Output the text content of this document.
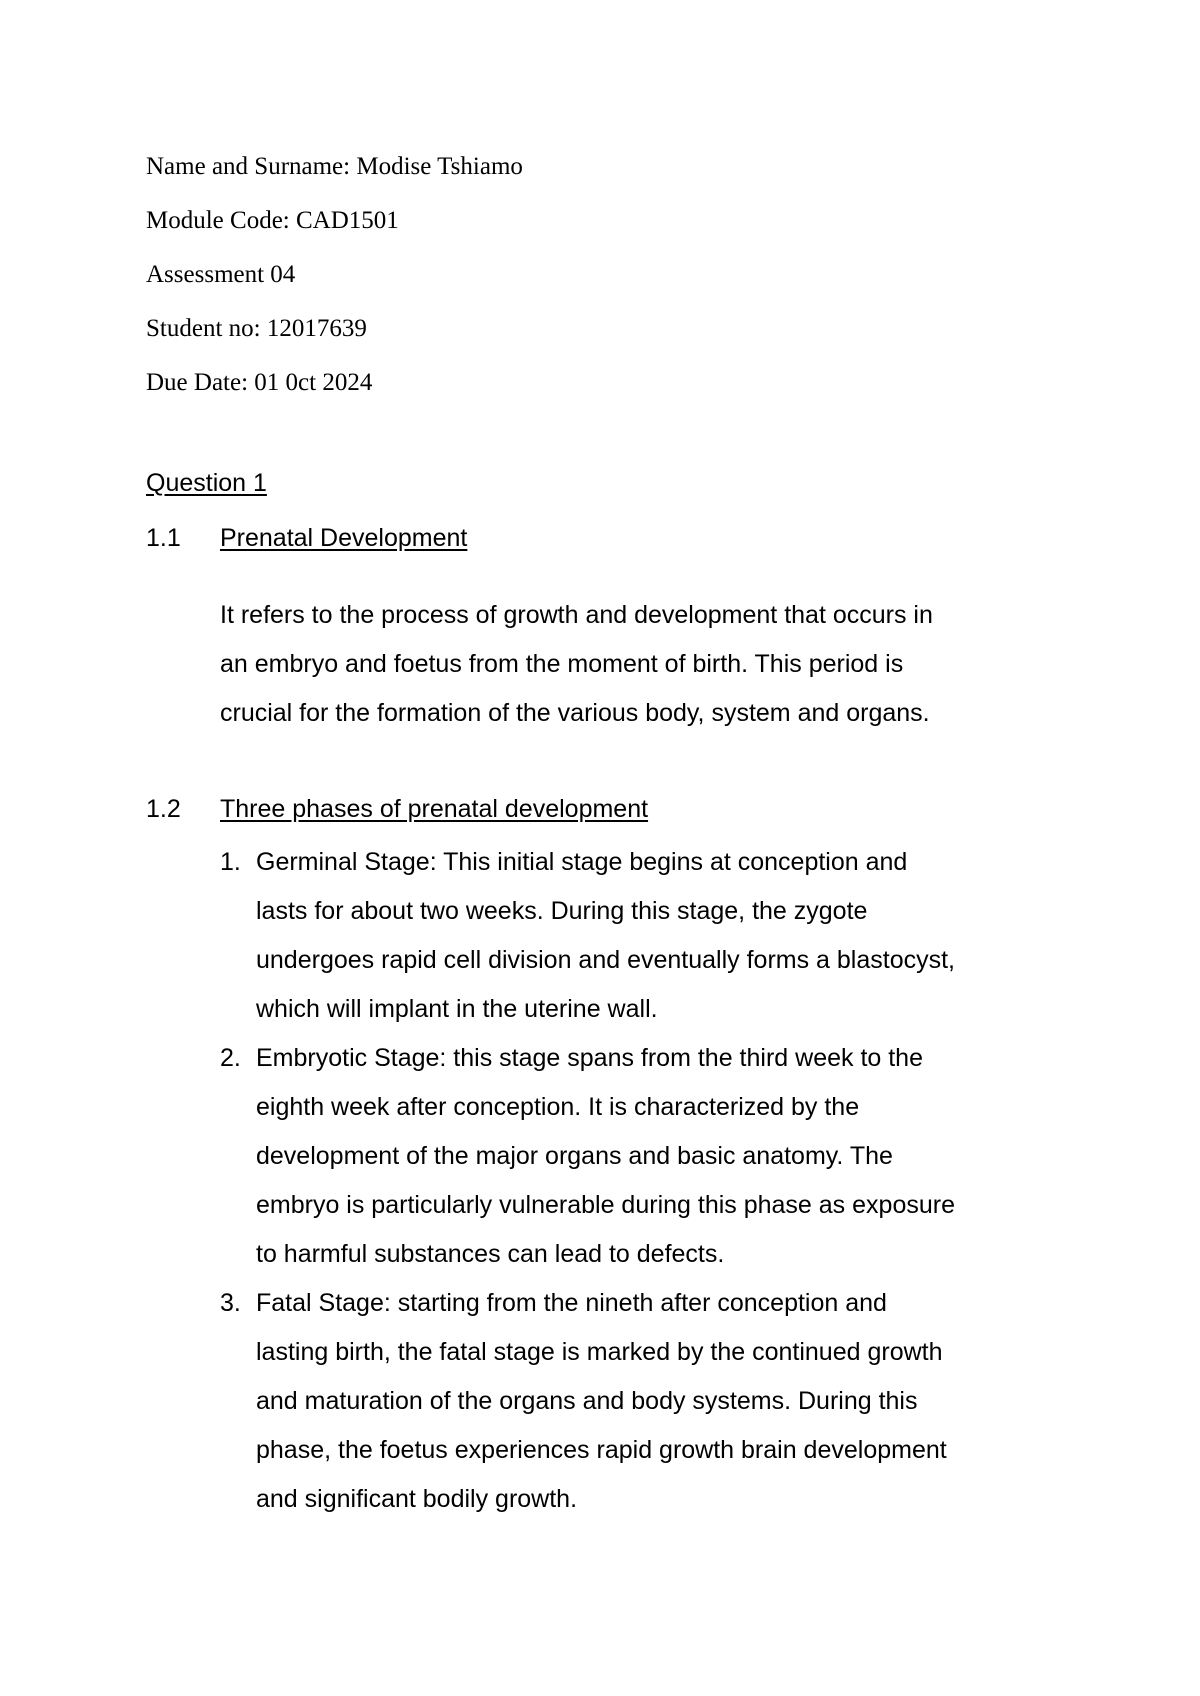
Name and Surname: Modise Tshiamo
Module Code: CAD1501
Assessment 04
Student no: 12017639
Due Date: 01 0ct 2024
Question 1
1.1 Prenatal Development
It refers to the process of growth and development that occurs in
an embryo and foetus from the moment of birth. This period is
crucial for the formation of the various body, system and organs.
1.2 Three phases of prenatal development
1. Germinal Stage: This initial stage begins at conception and
lasts for about two weeks. During this stage, the zygote
undergoes rapid cell division and eventually forms a blastocyst,
which will implant in the uterine wall.
2. Embryotic Stage: this stage spans from the third week to the
eighth week after conception. It is characterized by the
development of the major organs and basic anatomy. The
embryo is particularly vulnerable during this phase as exposure
to harmful substances can lead to defects.
3. Fatal Stage: starting from the nineth after conception and
lasting birth, the fatal stage is marked by the continued growth
and maturation of the organs and body systems. During this
phase, the foetus experiences rapid growth brain development
and significant bodily growth.
